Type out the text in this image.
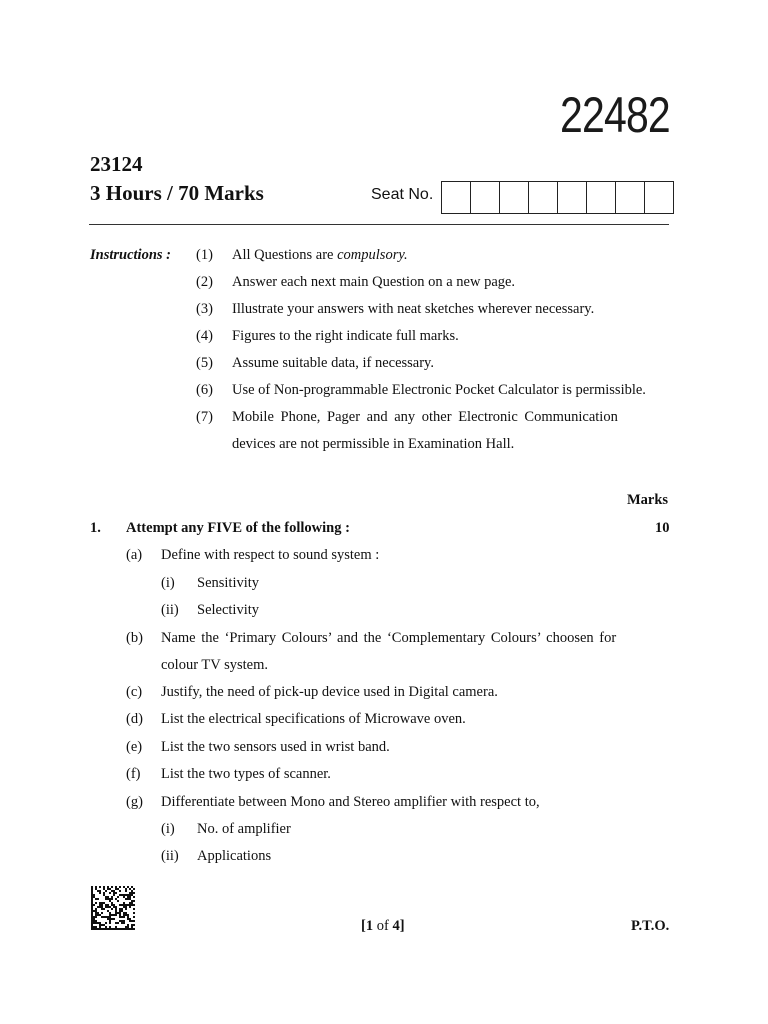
22482
23124
3 Hours / 70 Marks	Seat No.
Instructions : (1) All Questions are compulsory.
(2) Answer each next main Question on a new page.
(3) Illustrate your answers with neat sketches wherever necessary.
(4) Figures to the right indicate full marks.
(5) Assume suitable data, if necessary.
(6) Use of Non-programmable Electronic Pocket Calculator is permissible.
(7) Mobile Phone, Pager and any other Electronic Communication
devices are not permissible in Examination Hall.
Marks
1. Attempt any FIVE of the following :	10
(a) Define with respect to sound system :
(i) Sensitivity
(ii) Selectivity
(b) Name the ‘Primary Colours’ and the ‘Complementary Colours’ choosen for
colour TV system.
(c) Justify, the need of pick-up device used in Digital camera.
(d) List the electrical specifications of Microwave oven.
(e) List the two sensors used in wrist band.
(f) List the two types of scanner.
(g) Differentiate between Mono and Stereo amplifier with respect to,
(i) No. of amplifier
(ii) Applications
[1 of 4]	P.T.O.
